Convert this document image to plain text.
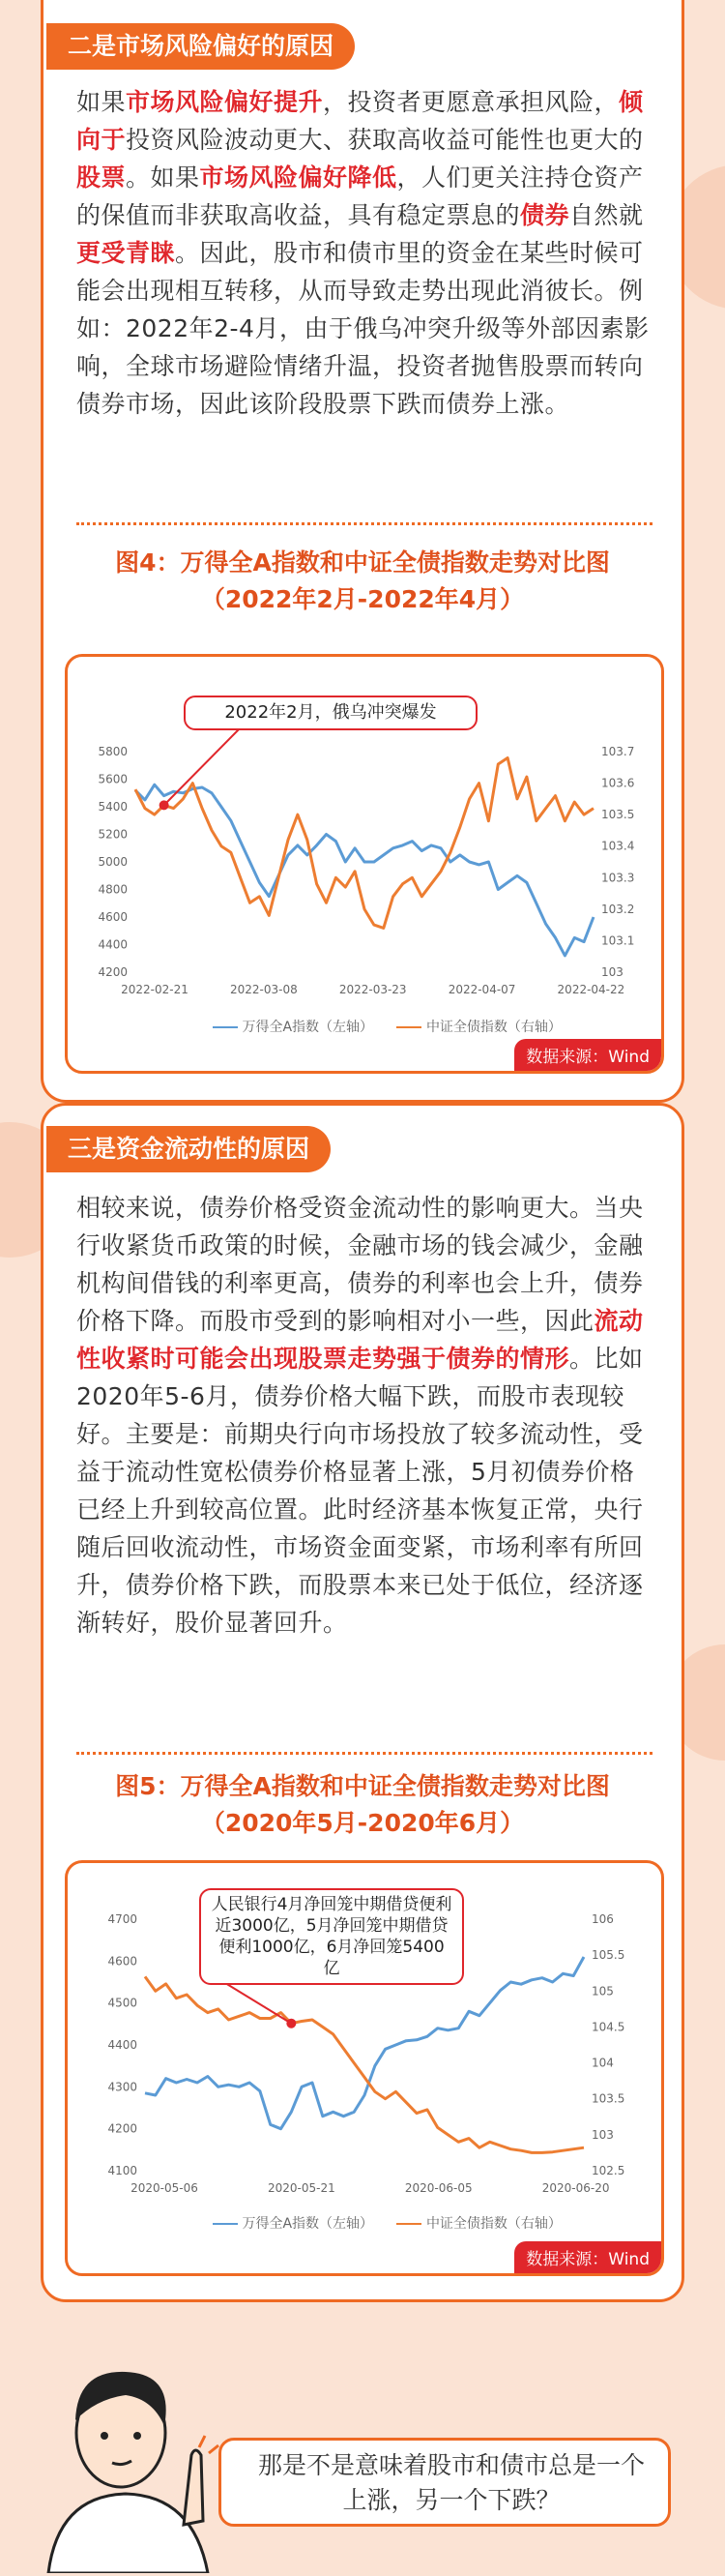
如果市场风险偏好提升，投资者更愿意承担风险，倾向于投资风险波动更大、获取高收益可能性也更大的股票。如果市场风险偏好降低，人们更关注持仓资产的保值而非获取高收益，具有稳定票息的债券自然就更受青睐。因此，股市和债市里的资金在某些时候可能会出现相互转移，从而导致走势出现此消彼长。例如：2022年2-4月，由于俄乌冲突升级等外部因素影响，全球市场避险情绪升温，投资者抛售股票而转向债券市场，因此该阶段股票下跌而债券上涨。

图4：万得全A指数和中证全债指数走势对比图
（2022年2月-2022年4月）
4200
4400
4600
4800
5000
5200
5400
5600
5800
103
103.1
103.2
103.3
103.4
103.5
103.6
103.7
2022-02-21	2022-03-08	2022-03-23	2022-04-07	2022-04-22
2022年2月，俄乌冲突爆发
万得全A指数（左轴）	中证全债指数（右轴）
数据来源：Wind
二是市场风险偏好的原因

相较来说，债券价格受资金流动性的影响更大。当央行收紧货币政策的时候，金融市场的钱会减少，金融机构间借钱的利率更高，债券的利率也会上升，债券价格下降。而股市受到的影响相对小一些，因此流动性收紧时可能会出现股票走势强于债券的情形。比如2020年5-6月，债券价格大幅下跌，而股市表现较好。主要是：前期央行向市场投放了较多流动性，受益于流动性宽松债券价格显著上涨，5月初债券价格已经上升到较高位置。此时经济基本恢复正常，央行随后回收流动性，市场资金面变紧，市场利率有所回升，债券价格下跌，而股票本来已处于低位，经济逐渐转好，股价显著回升。

图5：万得全A指数和中证全债指数走势对比图
（2020年5月-2020年6月）
4100
4200
4300
4400
4500
4600
4700
102.5
103
103.5
104
104.5
105
105.5
106
2020-05-06	2020-05-21	2020-06-05	2020-06-20
人民银行4月净回笼中期借贷便利近3000亿，5月净回笼中期借贷便利1000亿，6月净回笼5400亿
万得全A指数（左轴）	中证全债指数（右轴）
数据来源：Wind
三是资金流动性的原因
那是不是意味着股市和债市总是一个上涨，另一个下跌？
